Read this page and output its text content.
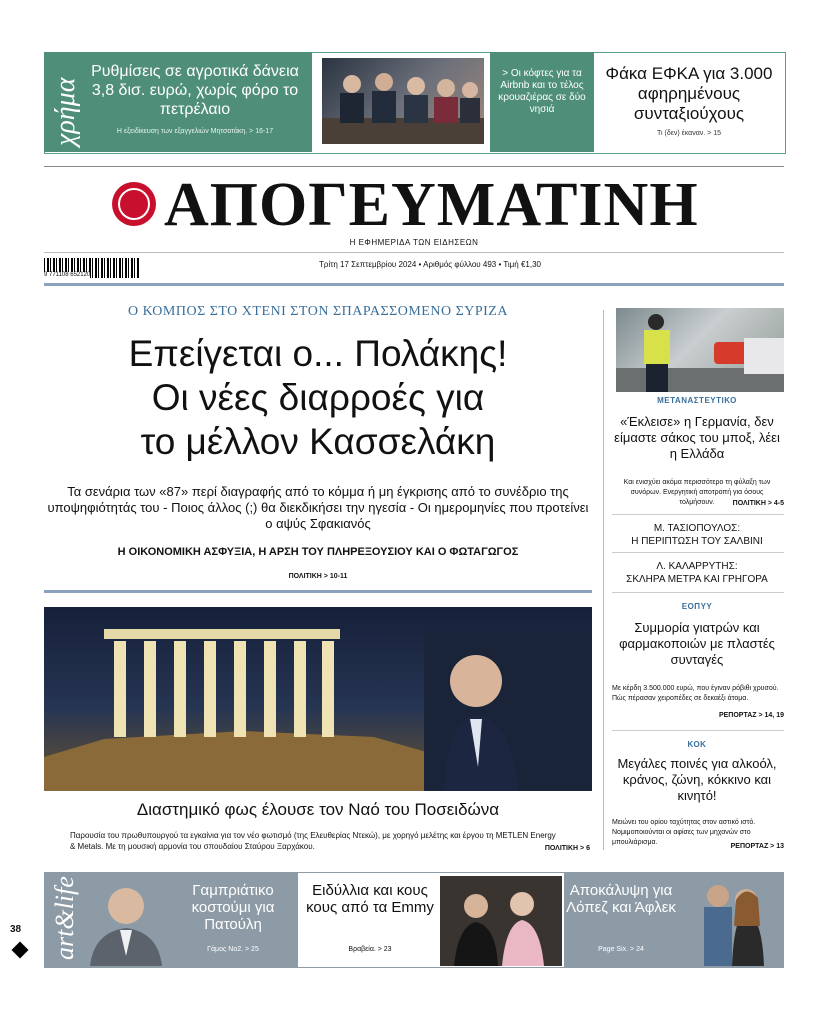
χρήμα
Ρυθμίσεις σε αγροτικά δάνεια 3,8 δισ. ευρώ, χωρίς φόρο το πετρέλαιο
Η εξειδίκευση των εξαγγελιών Μητσοτάκη. > 16-17
> Οι κόφτες για τα Airbnb και το τέλος κρουαζιέρας σε δύο νησιά
Φάκα ΕΦΚΑ για 3.000 αφηρημένους συνταξιούχους
Τι (δεν) έκαναν. > 15
ΑΠΟΓΕΥΜΑΤΙΝΗ
Η ΕΦΗΜΕΡΙΔΑ ΤΩΝ ΕΙΔΗΣΕΩΝ
9 771108 652120
Τρίτη 17 Σεπτεμβρίου 2024 • Αριθμός φύλλου 493 • Τιμή €1,30
Ο ΚΟΜΠΟΣ ΣΤΟ ΧΤΕΝΙ ΣΤΟΝ ΣΠΑΡΑΣΣΟΜΕΝΟ ΣΥΡΙΖΑ
Επείγεται ο... Πολάκης!
Οι νέες διαρροές για
το μέλλον Κασσελάκη
Τα σενάρια των «87» περί διαγραφής από το κόμμα ή μη έγκρισης από το συνέδριο της υποψηφιότητάς του - Ποιος άλλος (;) θα διεκδικήσει την ηγεσία - Οι ημερομηνίες που προτείνει ο αψύς Σφακιανός
Η ΟΙΚΟΝΟΜΙΚΗ ΑΣΦΥΞΙΑ, Η ΑΡΣΗ ΤΟΥ ΠΛΗΡΕΞΟΥΣΙΟΥ ΚΑΙ Ο ΦΩΤΑΓΩΓΟΣ
ΠΟΛΙΤΙΚΗ > 10-11
Διαστημικό φως έλουσε τον Ναό του Ποσειδώνα
Παρουσία του πρωθυπουργού τα εγκαίνια για τον νέο φωτισμό (της Ελευθερίας Ντεκώ), με χορηγό μελέτης και έργου τη METLEN Energy & Metals. Με τη μουσική αρμονία του σπουδαίου Σταύρου Ξαρχάκου.	ΠΟΛΙΤΙΚΗ > 6
ΜΕΤΑΝΑΣΤΕΥΤΙΚΟ
«Έκλεισε» η Γερμανία, δεν είμαστε σάκος του μποξ, λέει η Ελλάδα
Και ενισχύει ακόμα περισσότερο τη φύλαξη των συνόρων. Ενεργητική αποτροπή για όσους τολμήσουν.	ΠΟΛΙΤΙΚΗ > 4-5
Μ. ΤΑΣΙΟΠΟΥΛΟΣ:
Η ΠΕΡΙΠΤΩΣΗ ΤΟΥ ΣΑΛΒΙΝΙ
Λ. ΚΑΛΑΡΡΥΤΗΣ:
ΣΚΛΗΡΑ ΜΕΤΡΑ ΚΑΙ ΓΡΗΓΟΡΑ
ΕΟΠΥΥ
Συμμορία γιατρών και φαρμακοποιών με πλαστές συνταγές
Με κέρδη 3.500.000 ευρώ, που έγιναν ρόβιθι χρυσού. Πώς πέρασαν χειροπέδες σε δεκαέξι άτομα.
ΡΕΠΟΡΤΑΖ > 14, 19
ΚΟΚ
Μεγάλες ποινές για αλκοόλ, κράνος, ζώνη, κόκκινο και κινητό!
Μειώνει του ορίου ταχύτητας στον αστικό ιστό. Νομιμοποιούνται οι αφίσες των μηχανών στο μπουλιάρισμα.
ΡΕΠΟΡΤΑΖ > 13
art&life	Γαμπριάτικο κοστούμι για Πατούλη
Γάμος Νο2. > 25
Ειδύλλια και κους κους από τα Emmy
Βραβεία. > 23
Αποκάλυψη για Λόπεζ και Άφλεκ
Page Six. > 24
38
